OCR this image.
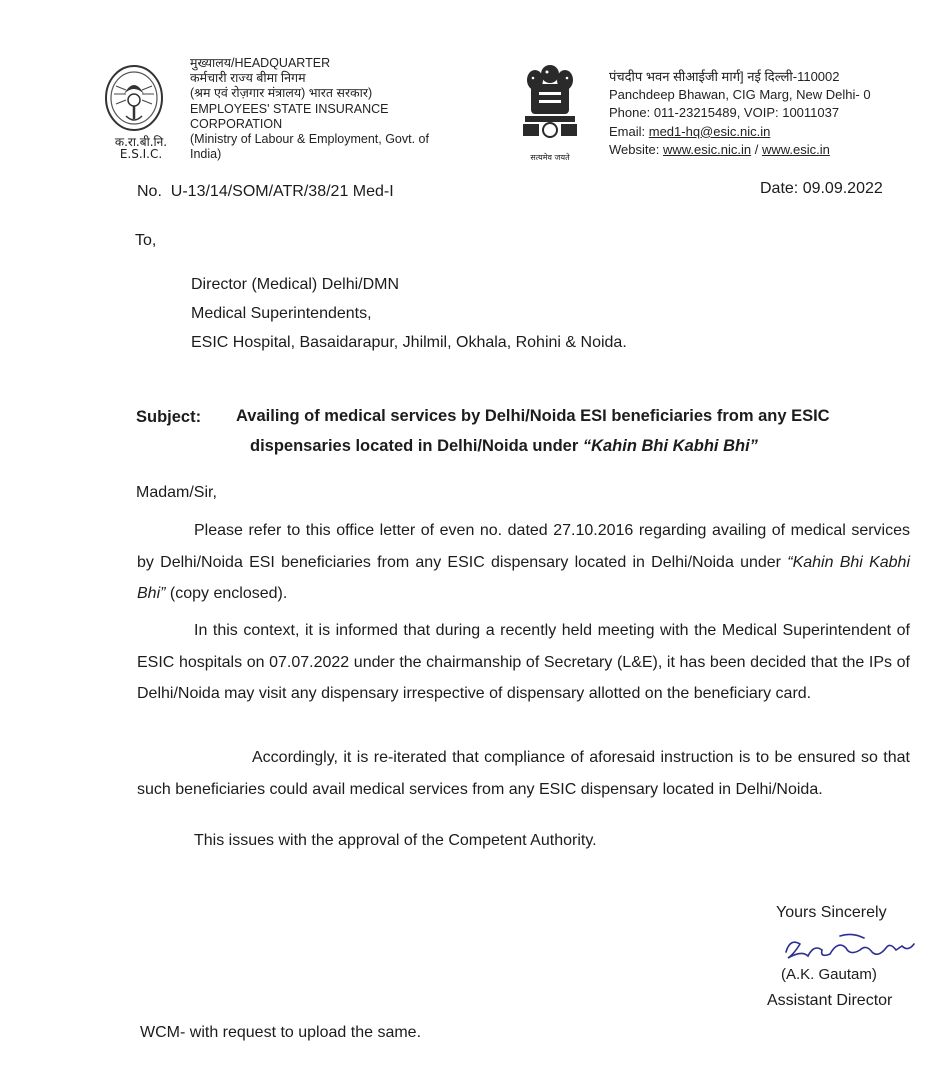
क.रा.बी.नि.
E.S.I.C.
मुख्यालय/HEADQUARTER
कर्मचारी राज्य बीमा निगम
(श्रम एवं रोज़गार मंत्रालय) भारत सरकार)
EMPLOYEES' STATE INSURANCE
CORPORATION
(Ministry of Labour & Employment, Govt. of
India)	सत्यमेव जयते
पंचदीप भवन सीआईजी मार्ग] नई दिल्ली-110002
Panchdeep Bhawan, CIG Marg, New Delhi- 0
Phone: 011-23215489, VOIP: 10011037
Email: med1-hq@esic.nic.in
Website: www.esic.nic.in / www.esic.in
No.  U-13/14/SOM/ATR/38/21 Med-I	Date: 09.09.2022
To,
Director (Medical) Delhi/DMN
Medical Superintendents,
ESIC Hospital, Basaidarapur, Jhilmil, Okhala, Rohini & Noida.
Subject: Availing of medical services by Delhi/Noida ESI beneficiaries from any ESIC
dispensaries located in Delhi/Noida under “Kahin Bhi Kabhi Bhi”
Madam/Sir,
Please refer to this office letter of even no. dated 27.10.2016 regarding availing of medical services by Delhi/Noida ESI beneficiaries from any ESIC dispensary located in Delhi/Noida under “Kahin Bhi Kabhi Bhi” (copy enclosed).
In this context, it is informed that during a recently held meeting with the Medical Superintendent of ESIC hospitals on 07.07.2022 under the chairmanship of Secretary (L&E), it has been decided that the IPs of Delhi/Noida may visit any dispensary irrespective of dispensary allotted on the beneficiary card.
Accordingly, it is re-iterated that compliance of aforesaid instruction is to be ensured so that such beneficiaries could avail medical services from any ESIC dispensary located in Delhi/Noida.
This issues with the approval of the Competent Authority.
Yours Sincerely
(A.K. Gautam)
Assistant Director
WCM- with request to upload the same.
